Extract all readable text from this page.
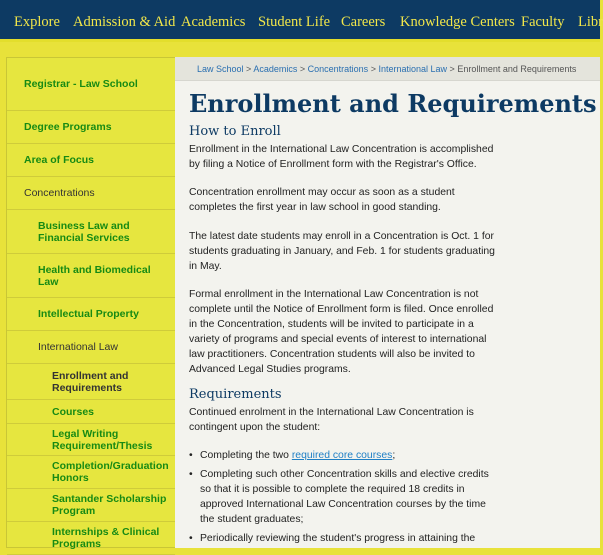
Explore Admission & Aid Academics Student Life Careers Knowledge Centers Faculty Libr
Registrar - Law School
Degree Programs
Area of Focus
Concentrations
Business Law and Financial Services
Health and Biomedical Law
Intellectual Property
International Law
Enrollment and Requirements
Courses
Legal Writing Requirement/Thesis
Completion/Graduation Honors
Santander Scholarship Program
Internships & Clinical Programs
Law School > Academics > Concentrations > International Law > Enrollment and Requirements
Enrollment and Requirements
How to Enroll

Enrollment in the International Law Concentration is accomplished by filing a Notice of Enrollment form with the Registrar's Office.

Concentration enrollment may occur as soon as a student completes the first year in law school in good standing.

The latest date students may enroll in a Concentration is Oct. 1 for students graduating in January, and Feb. 1 for students graduating in May.

Formal enrollment in the International Law Concentration is not complete until the Notice of Enrollment form is filed. Once enrolled in the Concentration, students will be invited to participate in a variety of programs and special events of interest to international law practitioners. Concentration students will also be invited to Advanced Legal Studies programs.

Requirements

Continued enrolment in the International Law Concentration is contingent upon the student:

• Completing the two required core courses;
• Completing such other Concentration skills and elective credits so that it is possible to complete the required 18 credits in approved International Law Concentration courses by the time the student graduates;
• Periodically reviewing the student's progress in attaining the
